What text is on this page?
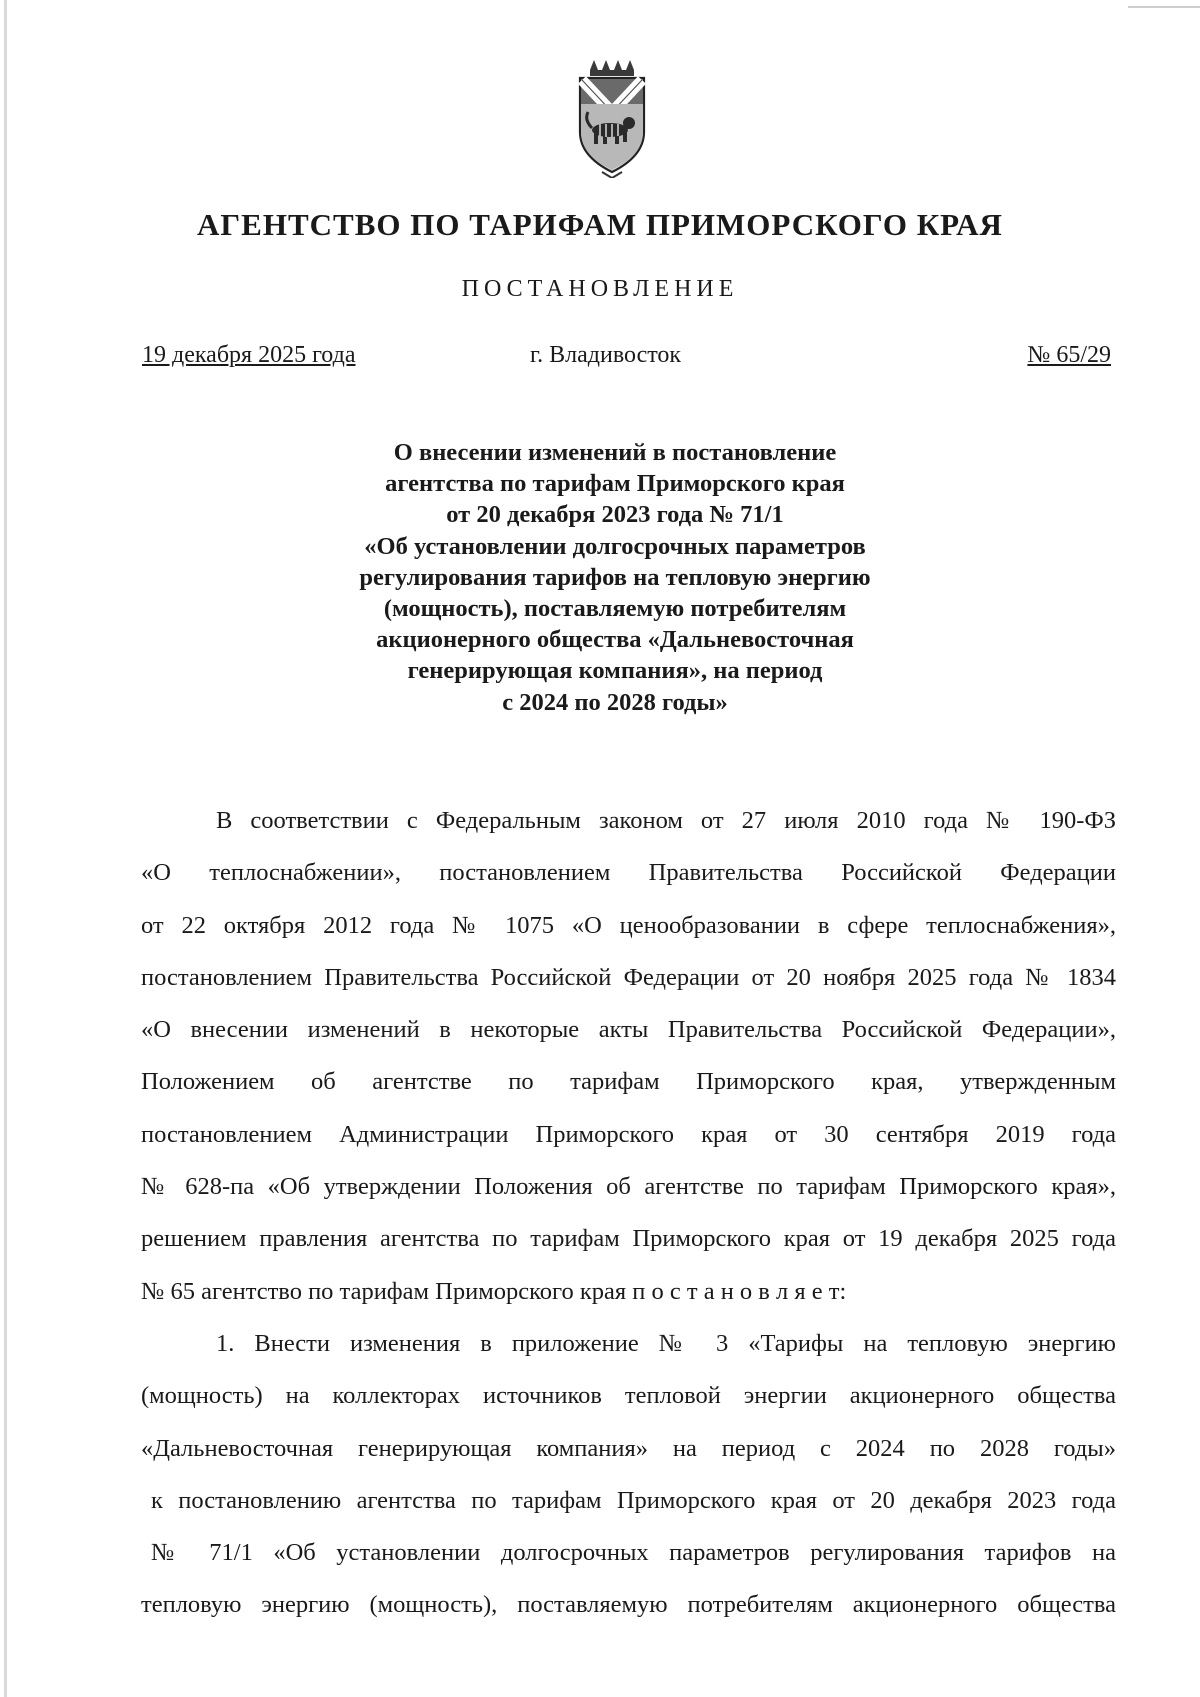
АГЕНТСТВО ПО ТАРИФАМ ПРИМОРСКОГО КРАЯ
ПОСТАНОВЛЕНИЕ
19 декабря 2025 года	г. Владивосток	№ 65/29
О внесении изменений в постановление
агентства по тарифам Приморского края
от 20 декабря 2023 года № 71/1
«Об установлении долгосрочных параметров
регулирования тарифов на тепловую энергию
(мощность), поставляемую потребителям
акционерного общества «Дальневосточная
генерирующая компания», на период
с 2024 по 2028 годы»
В соответствии с Федеральным законом от 27 июля 2010 года № 190-ФЗ
«О теплоснабжении», постановлением Правительства Российской Федерации
от 22 октября 2012 года № 1075 «О ценообразовании в сфере теплоснабжения»,
постановлением Правительства Российской Федерации от 20 ноября 2025 года № 1834
«О внесении изменений в некоторые акты Правительства Российской Федерации»,
Положением об агентстве по тарифам Приморского края, утвержденным
постановлением Администрации Приморского края от 30 сентября 2019 года
№ 628-па «Об утверждении Положения об агентстве по тарифам Приморского края»,
решением правления агентства по тарифам Приморского края от 19 декабря 2025 года
№ 65 агентство по тарифам Приморского края п о с т а н о в л я е т:
1. Внести изменения в приложение № 3 «Тарифы на тепловую энергию
(мощность) на коллекторах источников тепловой энергии акционерного общества
«Дальневосточная генерирующая компания» на период с 2024 по 2028 годы»
к постановлению агентства по тарифам Приморского края от 20 декабря 2023 года
№ 71/1 «Об установлении долгосрочных параметров регулирования тарифов на
тепловую энергию (мощность), поставляемую потребителям акционерного общества
